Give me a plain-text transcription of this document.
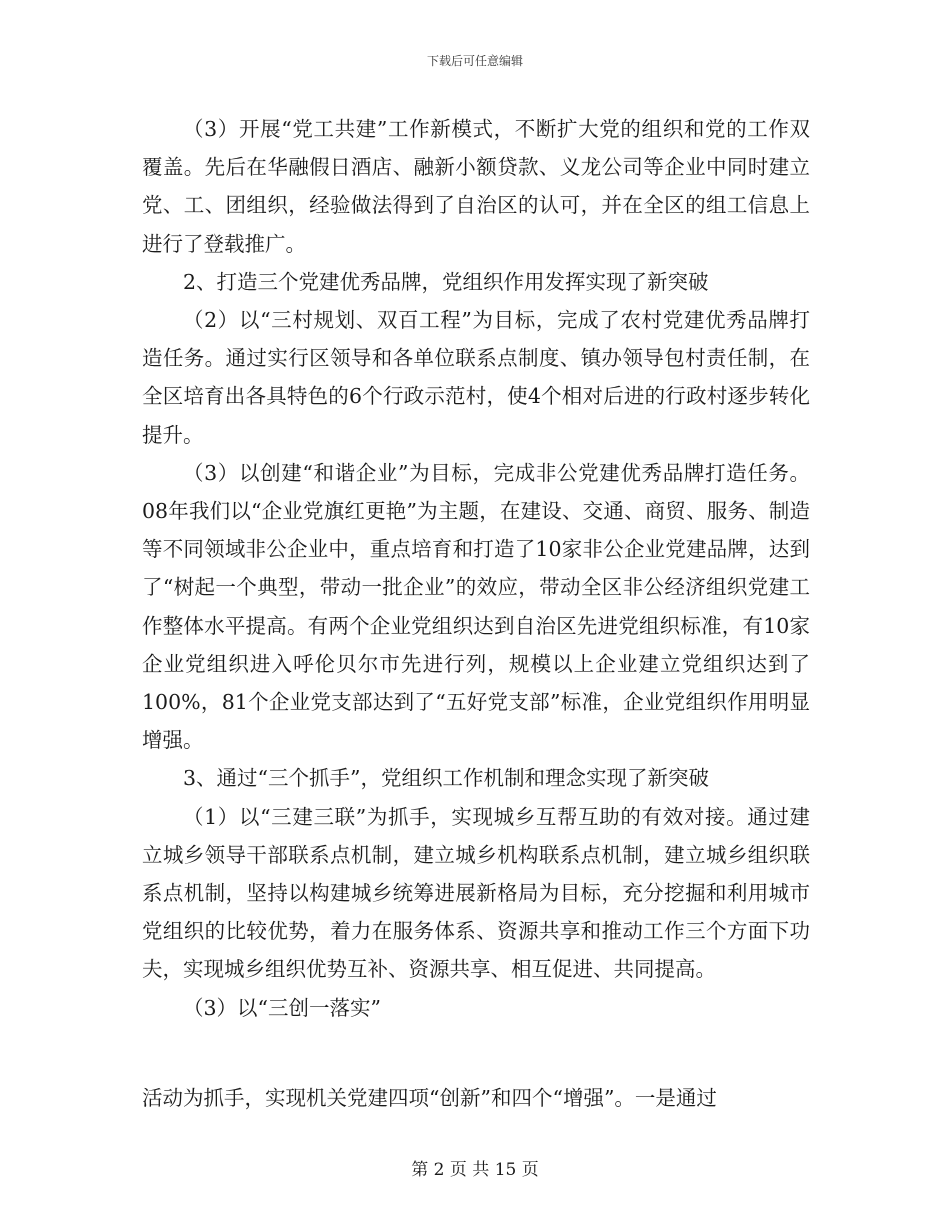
下载后可任意编辑

（3）开展“党工共建”工作新模式，不断扩大党的组织和党的工作双覆盖。先后在华融假日酒店、融新小额贷款、义龙公司等企业中同时建立党、工、团组织，经验做法得到了自治区的认可，并在全区的组工信息上进行了登载推广。

2、打造三个党建优秀品牌，党组织作用发挥实现了新突破

（2）以“三村规划、双百工程”为目标，完成了农村党建优秀品牌打造任务。通过实行区领导和各单位联系点制度、镇办领导包村责任制，在全区培育出各具特色的6个行政示范村，使4个相对后进的行政村逐步转化提升。

（3）以创建“和谐企业”为目标，完成非公党建优秀品牌打造任务。08年我们以“企业党旗红更艳”为主题，在建设、交通、商贸、服务、制造等不同领域非公企业中，重点培育和打造了10家非公企业党建品牌，达到了“树起一个典型，带动一批企业”的效应，带动全区非公经济组织党建工作整体水平提高。有两个企业党组织达到自治区先进党组织标准，有10家企业党组织进入呼伦贝尔市先进行列，规模以上企业建立党组织达到了100%，81个企业党支部达到了“五好党支部”标准，企业党组织作用明显增强。

3、通过“三个抓手”，党组织工作机制和理念实现了新突破

（1）以“三建三联”为抓手，实现城乡互帮互助的有效对接。通过建立城乡领导干部联系点机制，建立城乡机构联系点机制，建立城乡组织联系点机制，坚持以构建城乡统筹进展新格局为目标，充分挖掘和利用城市党组织的比较优势，着力在服务体系、资源共享和推动工作三个方面下功夫，实现城乡组织优势互补、资源共享、相互促进、共同提高。

（3）以“三创一落实”

活动为抓手，实现机关党建四项“创新”和四个“增强”。一是通过

第 2 页 共 15 页
